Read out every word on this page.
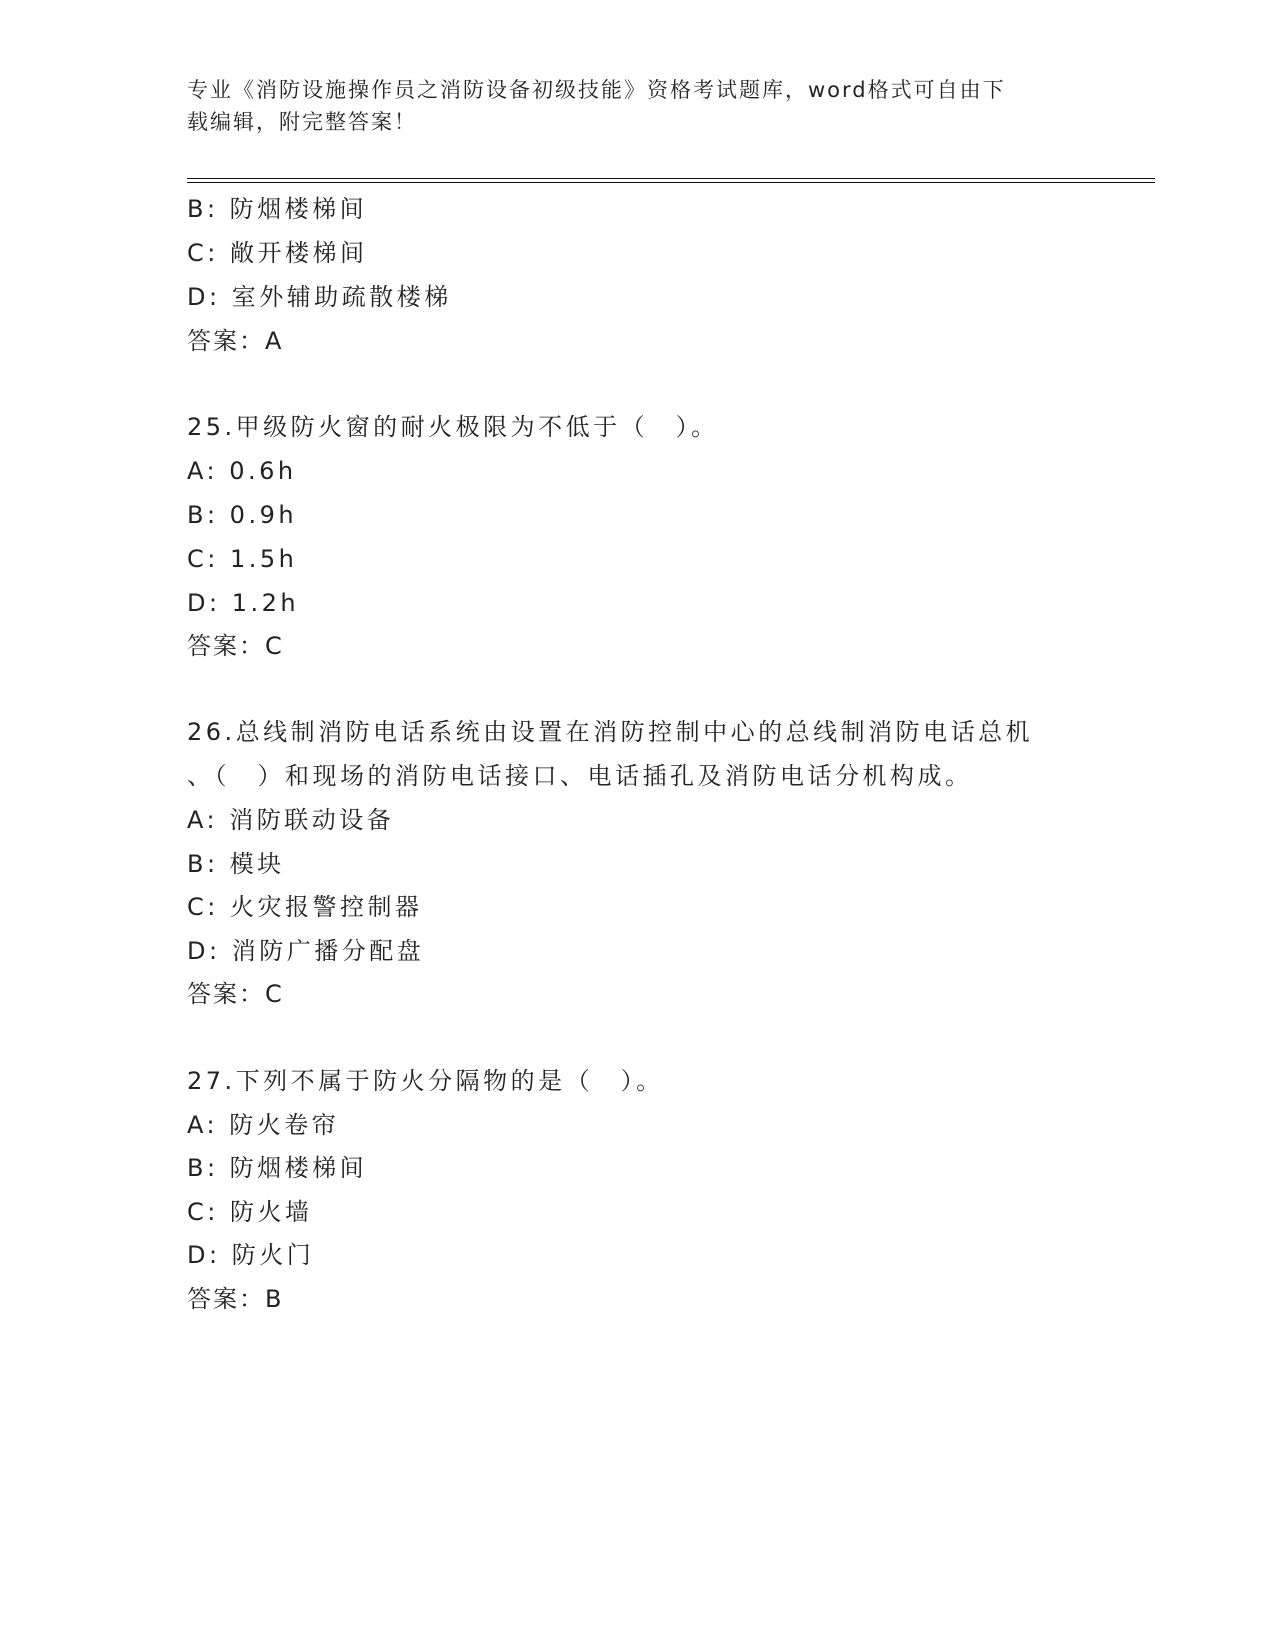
专业《消防设施操作员之消防设备初级技能》资格考试题库，word格式可自由下
载编辑，附完整答案！
B: 防烟楼梯间
C: 敞开楼梯间
D: 室外辅助疏散楼梯
答案：A
25.甲级防火窗的耐火极限为不低于（　）。
A: 0.6h
B: 0.9h
C: 1.5h
D: 1.2h
答案：C
26.总线制消防电话系统由设置在消防控制中心的总线制消防电话总机
、（　）和现场的消防电话接口、电话插孔及消防电话分机构成。
A: 消防联动设备
B: 模块
C: 火灾报警控制器
D: 消防广播分配盘
答案：C
27.下列不属于防火分隔物的是（　）。
A: 防火卷帘
B: 防烟楼梯间
C: 防火墙
D: 防火门
答案：B
